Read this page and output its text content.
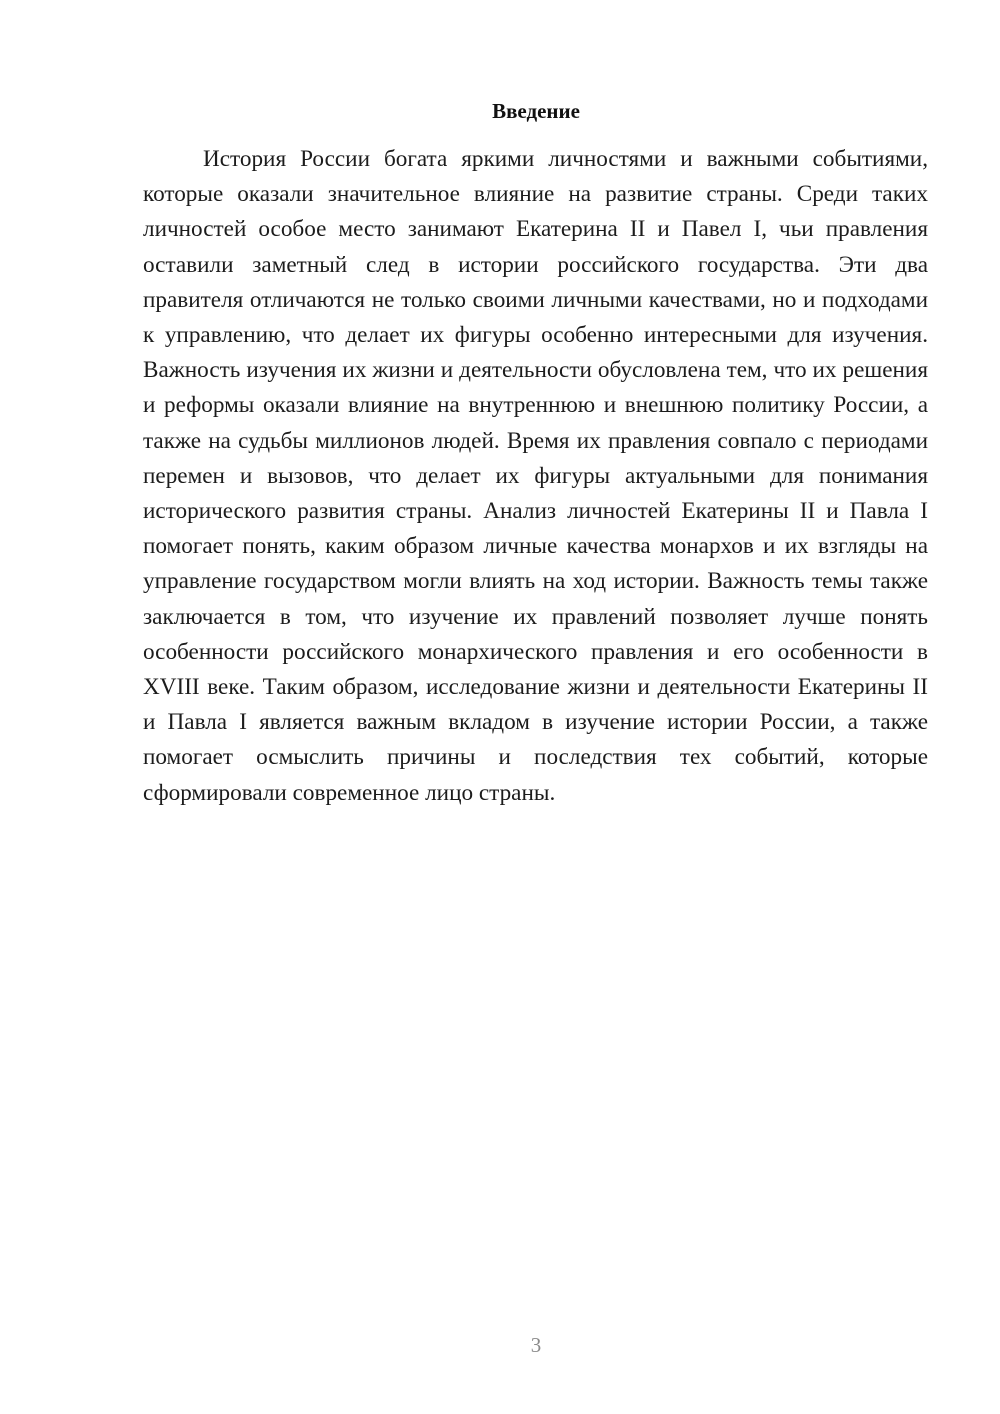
Введение

История России богата яркими личностями и важными событиями, которые оказали значительное влияние на развитие страны. Среди таких личностей особое место занимают Екатерина II и Павел I, чьи правления оставили заметный след в истории российского государства. Эти два правителя отличаются не только своими личными качествами, но и подходами к управлению, что делает их фигуры особенно интересными для изучения. Важность изучения их жизни и деятельности обусловлена тем, что их решения и реформы оказали влияние на внутреннюю и внешнюю политику России, а также на судьбы миллионов людей. Время их правления совпало с периодами перемен и вызовов, что делает их фигуры актуальными для понимания исторического развития страны. Анализ личностей Екатерины II и Павла I помогает понять, каким образом личные качества монархов и их взгляды на управление государством могли влиять на ход истории. Важность темы также заключается в том, что изучение их правлений позволяет лучше понять особенности российского монархического правления и его особенности в XVIII веке. Таким образом, исследование жизни и деятельности Екатерины II и Павла I является важным вкладом в изучение истории России, а также помогает осмыслить причины и последствия тех событий, которые сформировали современное лицо страны.

3
